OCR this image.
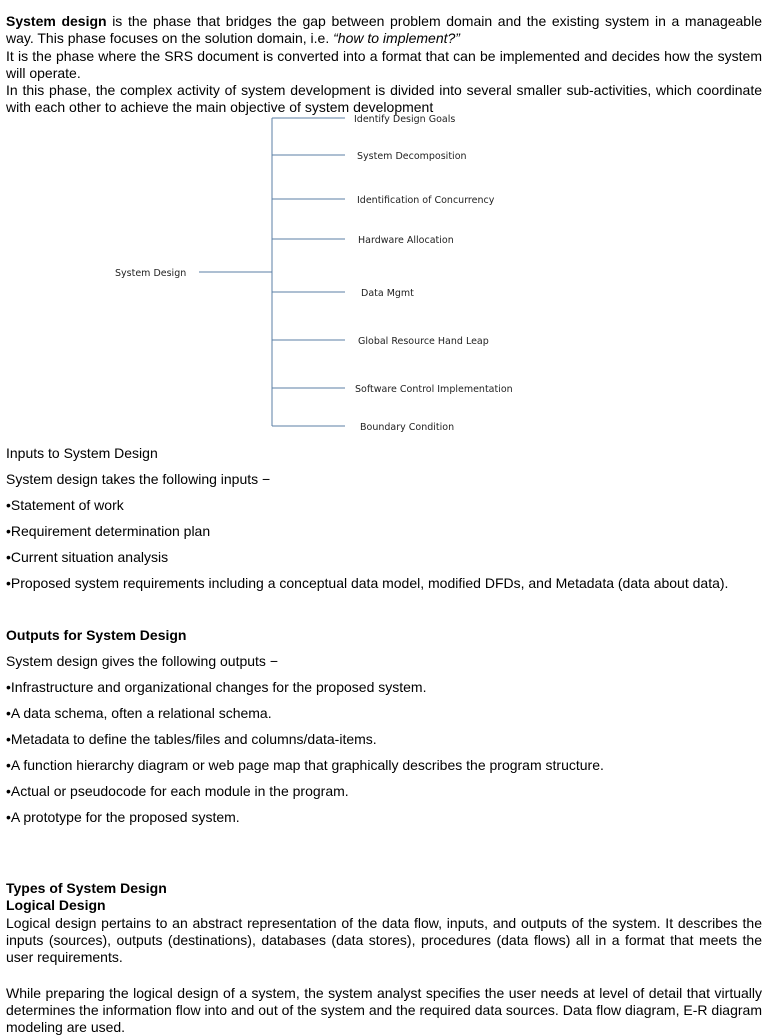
System design is the phase that bridges the gap between problem domain and the existing system in a manageable way. This phase focuses on the solution domain, i.e. “how to implement?”

It is the phase where the SRS document is converted into a format that can be implemented and decides how the system will operate.

In this phase, the complex activity of system development is divided into several smaller sub-activities, which coordinate with each other to achieve the main objective of system development

System Design
Identify Design Goals
System Decomposition
Identification of Concurrency
Hardware Allocation
Data Mgmt
Global Resource Hand Leap
Software Control Implementation
Boundary Condition

Inputs to System Design

System design takes the following inputs −

•Statement of work

•Requirement determination plan

•Current situation analysis

•Proposed system requirements including a conceptual data model, modified DFDs, and Metadata (data about data).

Outputs for System Design

System design gives the following outputs −

•Infrastructure and organizational changes for the proposed system.

•A data schema, often a relational schema.

•Metadata to define the tables/files and columns/data-items.

•A function hierarchy diagram or web page map that graphically describes the program structure.

•Actual or pseudocode for each module in the program.

•A prototype for the proposed system.

Types of System Design

Logical Design

Logical design pertains to an abstract representation of the data flow, inputs, and outputs of the system. It describes the inputs (sources), outputs (destinations), databases (data stores), procedures (data flows) all in a format that meets the user requirements.

While preparing the logical design of a system, the system analyst specifies the user needs at level of detail that virtually determines the information flow into and out of the system and the required data sources. Data flow diagram, E-R diagram modeling are used.
